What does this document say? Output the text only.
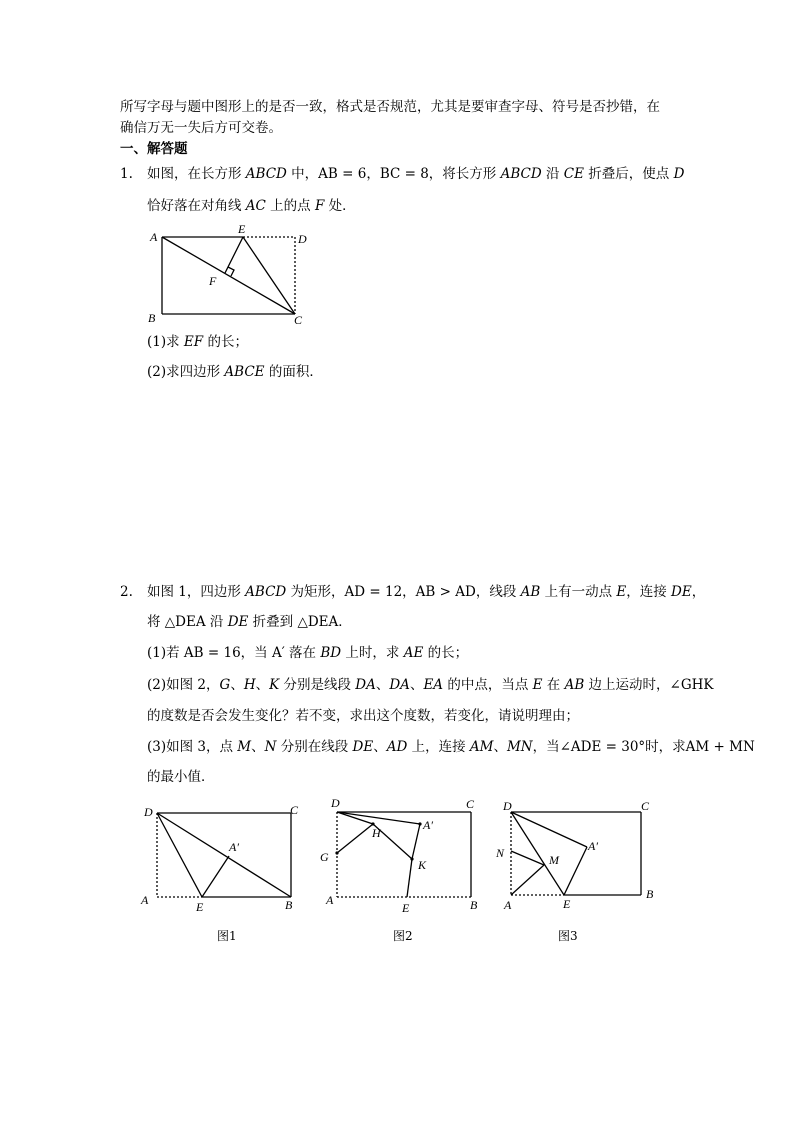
所写字母与题中图形上的是否一致，格式是否规范，尤其是要审查字母、符号是否抄错，在
确信万无一失后方可交卷。
一、解答题
1. 如图，在长方形 ABCD 中，AB = 6，BC = 8，将长方形 ABCD 沿 CE 折叠后，使点 D
恰好落在对角线 AC 上的点 F 处．
A
E
D
F
B	C
(1)求 EF 的长；
(2)求四边形 ABCE 的面积．
2. 如图 1，四边形 ABCD 为矩形，AD = 12，AB > AD，线段 AB 上有一动点 E，连接 DE，
将 △DEA 沿 DE 折叠到 △DEA．
(1)若 AB = 16，当 A′ 落在 BD 上时，求 AE 的长；
(2)如图 2，G、H、K 分别是线段 DA、DA、EA 的中点，当点 E 在 AB 边上运动时，∠GHK
的度数是否会发生变化？若不变，求出这个度数，若变化，请说明理由；
(3)如图 3，点 M、N 分别在线段 DE、AD 上，连接 AM、MN，当∠ADE = 30°时，求AM + MN
的最小值．
D	C
A′
A	E	B
图1
D	C
H
A′
G
K
A
E	B
图2
D	C
A′
N	M
A	E
B
图3
